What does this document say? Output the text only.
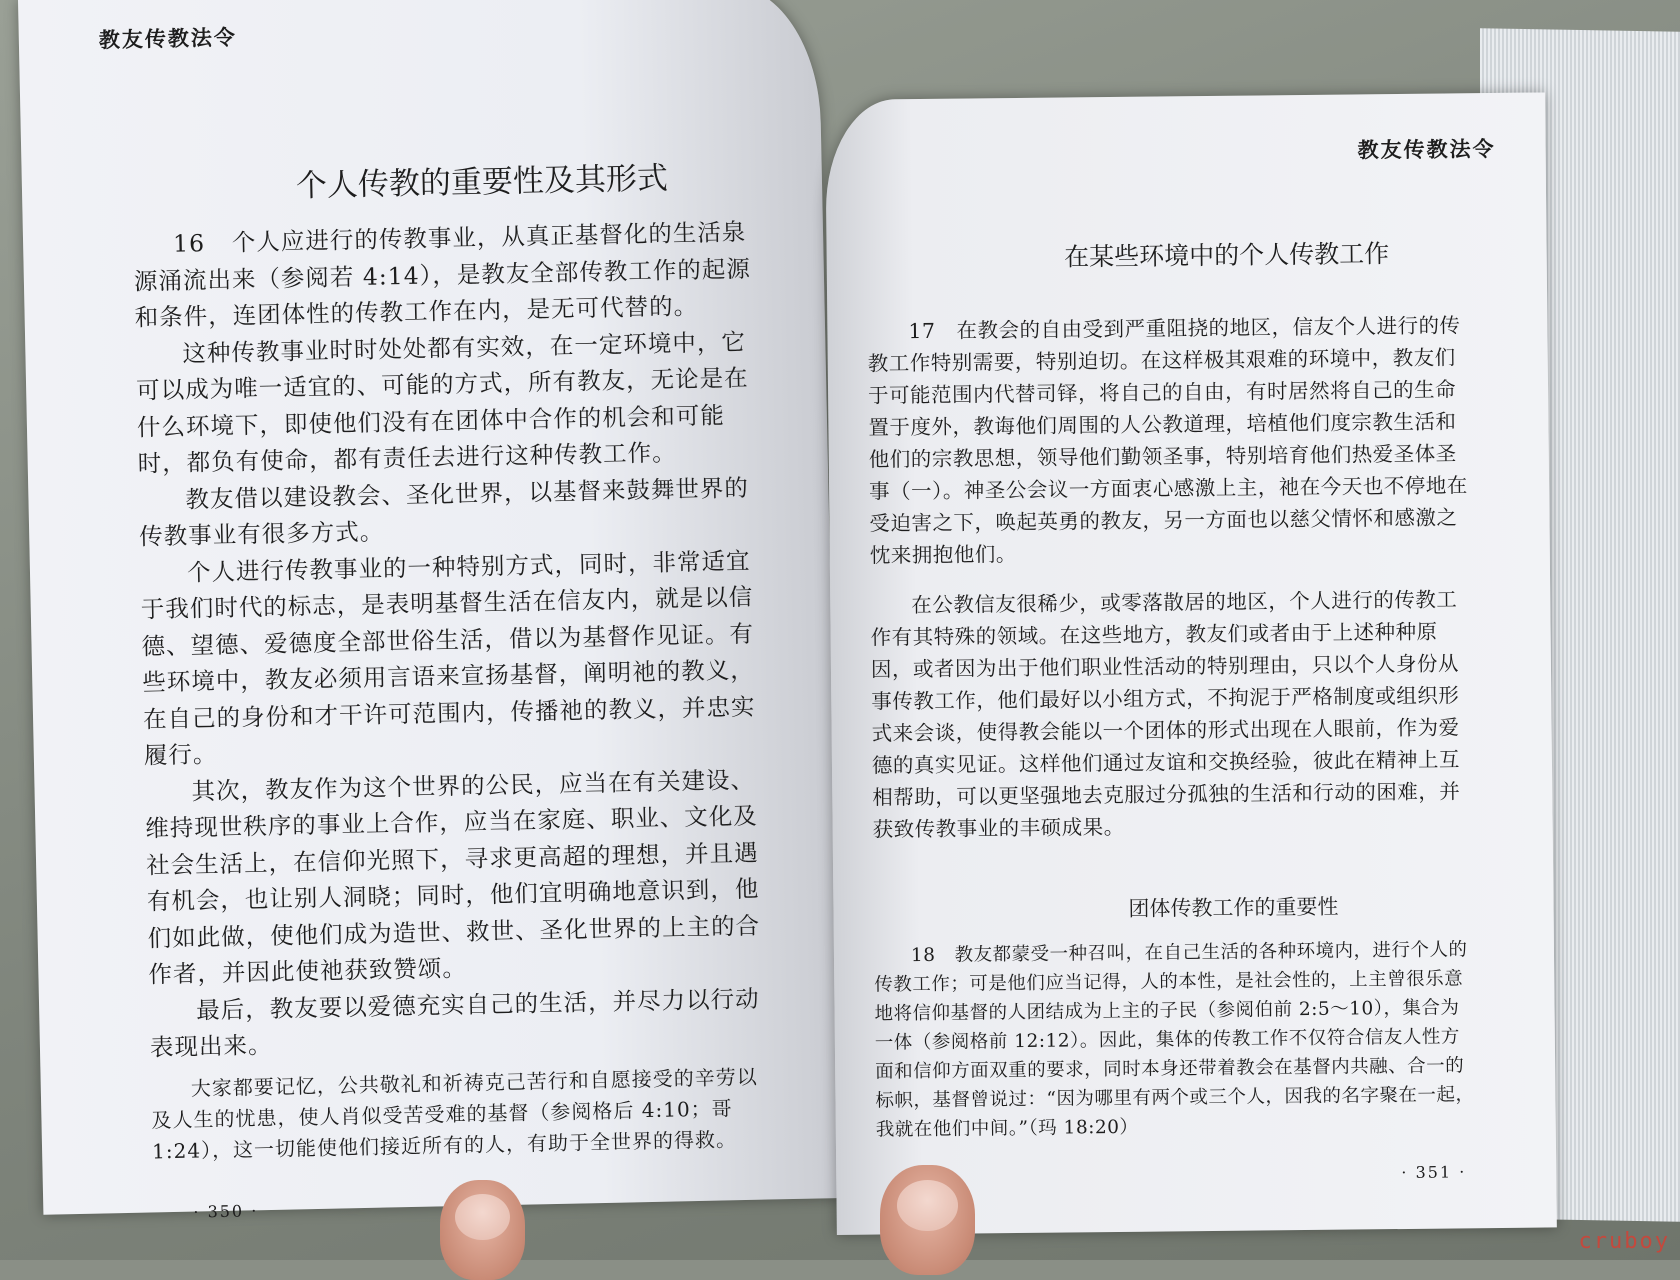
教友传教法令
个人传教的重要性及其形式

16 个人应进行的传教事业，从真正基督化的生活泉源涌流出来（参阅若 4:14），是教友全部传教工作的起源和条件，连团体性的传教工作在内，是无可代替的。

这种传教事业时时处处都有实效，在一定环境中，它可以成为唯一适宜的、可能的方式，所有教友，无论是在什么环境下，即使他们没有在团体中合作的机会和可能时，都负有使命，都有责任去进行这种传教工作。

教友借以建设教会、圣化世界，以基督来鼓舞世界的传教事业有很多方式。

个人进行传教事业的一种特别方式，同时，非常适宜于我们时代的标志，是表明基督生活在信友内，就是以信德、望德、爱德度全部世俗生活，借以为基督作见证。有些环境中，教友必须用言语来宣扬基督，阐明祂的教义，在自己的身份和才干许可范围内，传播祂的教义，并忠实履行。

其次，教友作为这个世界的公民，应当在有关建设、维持现世秩序的事业上合作，应当在家庭、职业、文化及社会生活上，在信仰光照下，寻求更高超的理想，并且遇有机会，也让别人洞晓；同时，他们宜明确地意识到，他们如此做，使他们成为造世、救世、圣化世界的上主的合作者，并因此使祂获致赞颂。

最后，教友要以爱德充实自己的生活，并尽力以行动表现出来。

大家都要记忆，公共敬礼和祈祷克己苦行和自愿接受的辛劳以及人生的忧患，使人肖似受苦受难的基督（参阅格后 4:10；哥 1:24），这一切能使他们接近所有的人，有助于全世界的得救。

· 350 ·
教友传教法令
在某些环境中的个人传教工作

17　 在教会的自由受到严重阻挠的地区，信友个人进行的传教工作特别需要，特别迫切。在这样极其艰难的环境中，教友们于可能范围内代替司铎，将自己的自由，有时居然将自己的生命置于度外，教诲他们周围的人公教道理，培植他们度宗教生活和他们的宗教思想，领导他们勤领圣事，特别培育他们热爱圣体圣事（一）。神圣公会议一方面衷心感激上主，祂在今天也不停地在受迫害之下，唤起英勇的教友，另一方面也以慈父情怀和感激之忱来拥抱他们。

在公教信友很稀少，或零落散居的地区，个人进行的传教工作有其特殊的领域。在这些地方，教友们或者由于上述种种原因，或者因为出于他们职业性活动的特别理由，只以个人身份从事传教工作，他们最好以小组方式，不拘泥于严格制度或组织形式来会谈，使得教会能以一个团体的形式出现在人眼前，作为爱德的真实见证。这样他们通过友谊和交换经验，彼此在精神上互相帮助，可以更坚强地去克服过分孤独的生活和行动的困难，并获致传教事业的丰硕成果。

团体传教工作的重要性

18　 教友都蒙受一种召叫，在自己生活的各种环境内，进行个人的传教工作；可是他们应当记得，人的本性，是社会性的，上主曾很乐意地将信仰基督的人团结成为上主的子民（参阅伯前 2:5～10），集合为一体（参阅格前 12:12）。因此，集体的传教工作不仅符合信友人性方面和信仰方面双重的要求，同时本身还带着教会在基督内共融、合一的标帜，基督曾说过：“因为哪里有两个或三个人，因我的名字聚在一起，我就在他们中间。”（玛 18:20）

· 351 ·
cruboy
